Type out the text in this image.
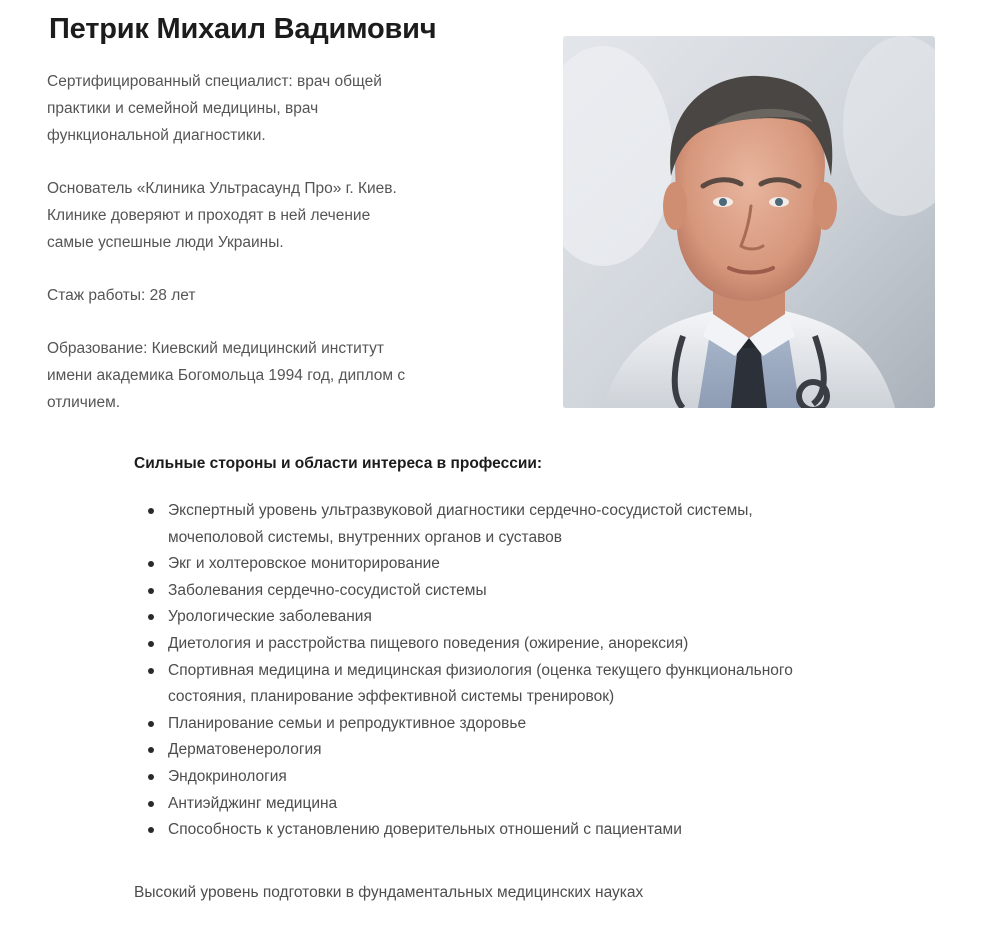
Петрик Михаил Вадимович

Сертифицированный специалист: врач общей
практики и семейной медицины, врач
функциональной диагностики.

Основатель «Клиника Ультрасаунд Про» г. Киев.
Клинике доверяют и проходят в ней лечение
самые успешные люди Украины.

Стаж работы: 28 лет

Образование: Киевский медицинский институт
имени академика Богомольца 1994 год, диплом с
отличием.

Сильные стороны и области интереса в профессии:
Экспертный уровень ультразвуковой диагностики сердечно-сосудистой системы, мочеполовой системы, внутренних органов и суставов
Экг и холтеровское мониторирование
Заболевания сердечно-сосудистой системы
Урологические заболевания
Диетология и расстройства пищевого поведения (ожирение, анорексия)
Спортивная медицина и медицинская физиология (оценка текущего функционального состояния, планирование эффективной системы тренировок)
Планирование семьи и репродуктивное здоровье
Дерматовенерология
Эндокринология
Антиэйджинг медицина
Способность к установлению доверительных отношений с пациентами

Высокий уровень подготовки в фундаментальных медицинских науках
